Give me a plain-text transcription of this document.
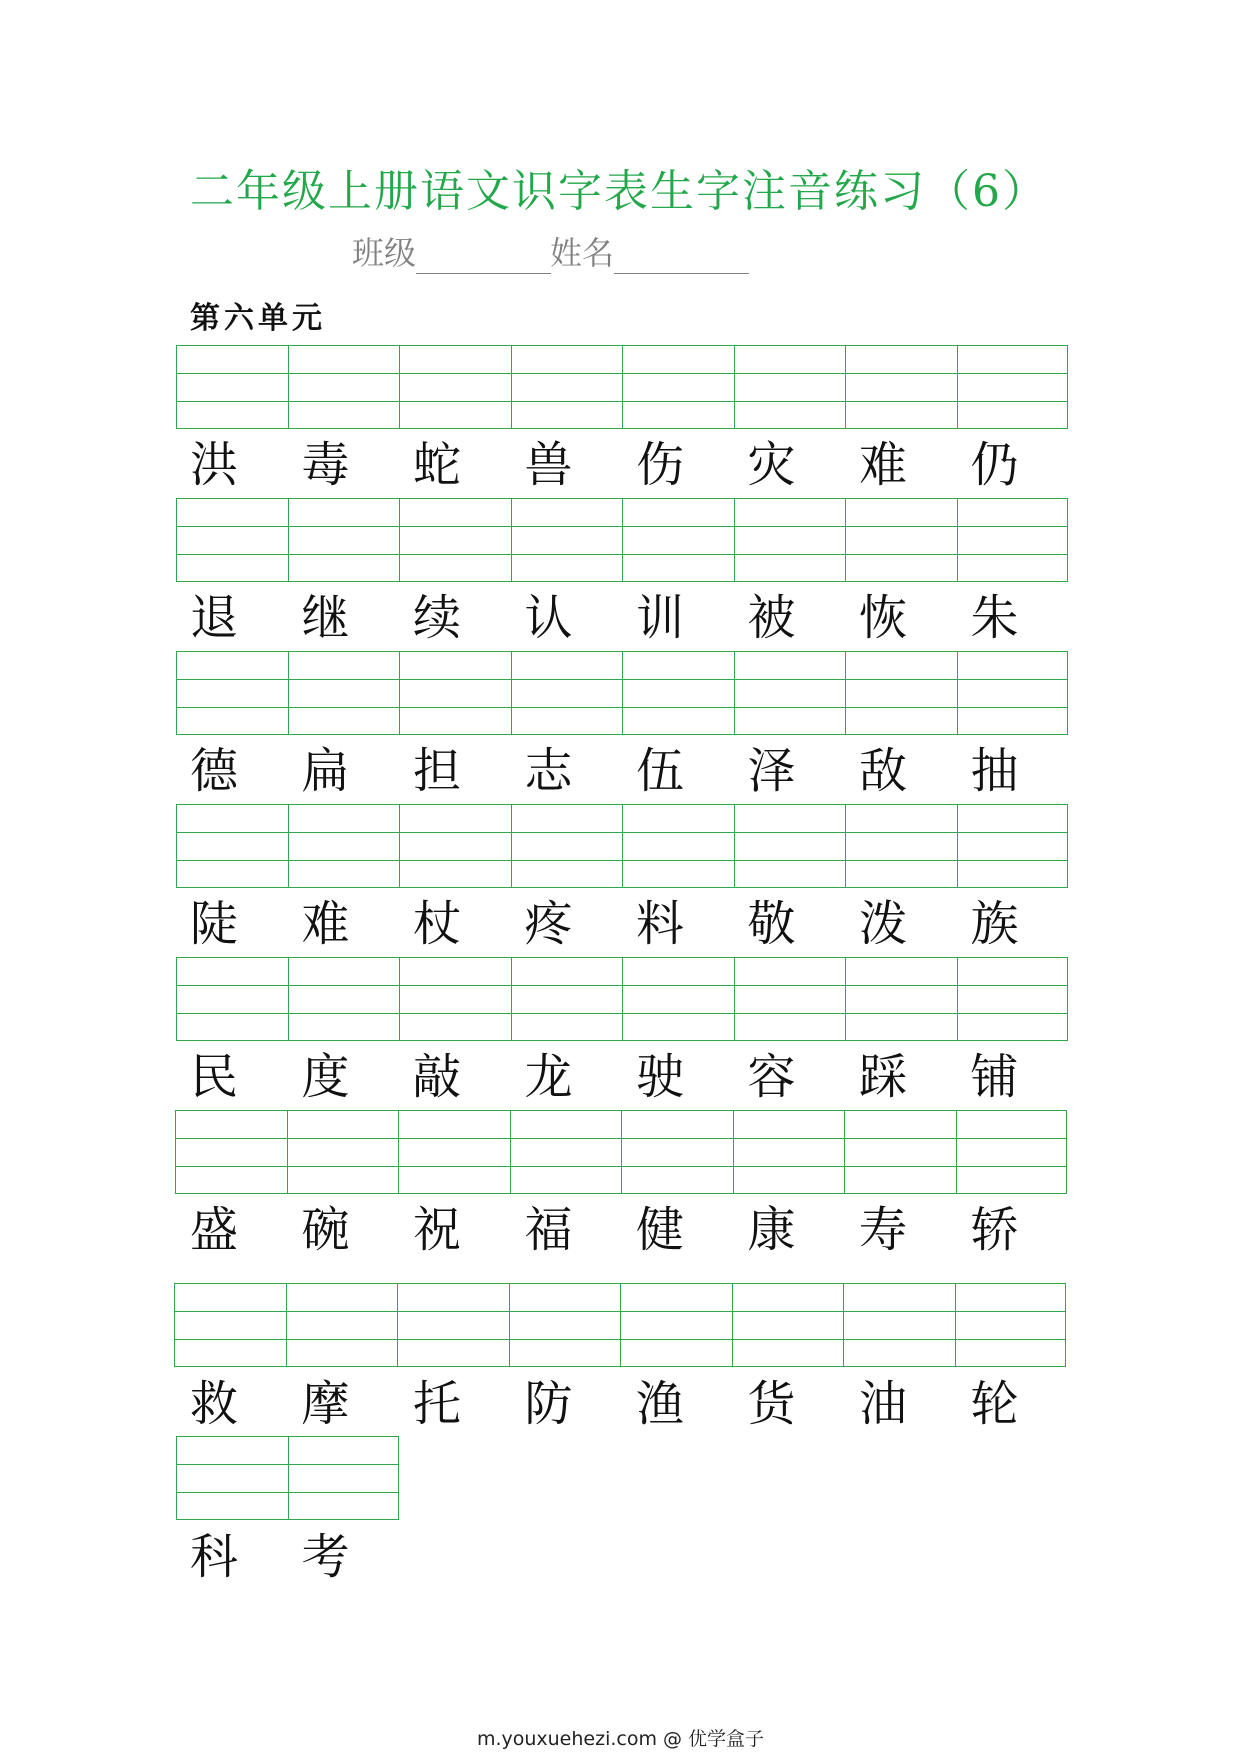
二年级上册语文识字表生字注音练习（6）
班级	姓名
第六单元
洪	毒	蛇	兽	伤	灾	难	仍
退	继	续	认	训	被	恢	朱
德	扁	担	志	伍	泽	敌	抽
陡	难	杖	疼	料	敬	泼	族
民	度	敲	龙	驶	容	踩	铺
盛	碗	祝	福	健	康	寿	轿
救	摩	托	防	渔	货	油	轮
科	考
m.youxuehezi.com @ 优学盒子
